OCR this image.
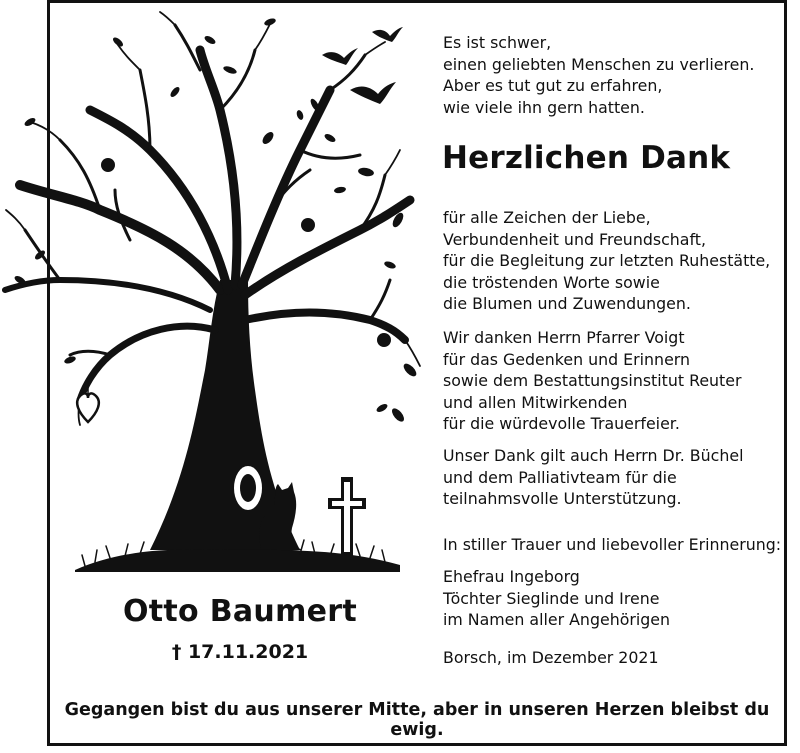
Otto Baumert
† 17.11.2021

Es ist schwer,
einen geliebten Menschen zu verlieren.
Aber es tut gut zu erfahren,
wie viele ihn gern hatten.

Herzlichen Dank

für alle Zeichen der Liebe,
Verbundenheit und Freundschaft,
für die Begleitung zur letzten Ruhestätte,
die tröstenden Worte sowie
die Blumen und Zuwendungen.

Wir danken Herrn Pfarrer Voigt
für das Gedenken und Erinnern
sowie dem Bestattungsinstitut Reuter
und allen Mitwirkenden
für die würdevolle Trauerfeier.

Unser Dank gilt auch Herrn Dr. Büchel
und dem Palliativteam für die
teilnahmsvolle Unterstützung.

In stiller Trauer und liebevoller Erinnerung:

Ehefrau Ingeborg
Töchter Sieglinde und Irene
im Namen aller Angehörigen

Borsch, im Dezember 2021

Gegangen bist du aus unserer Mitte, aber in unseren Herzen bleibst du ewig.
